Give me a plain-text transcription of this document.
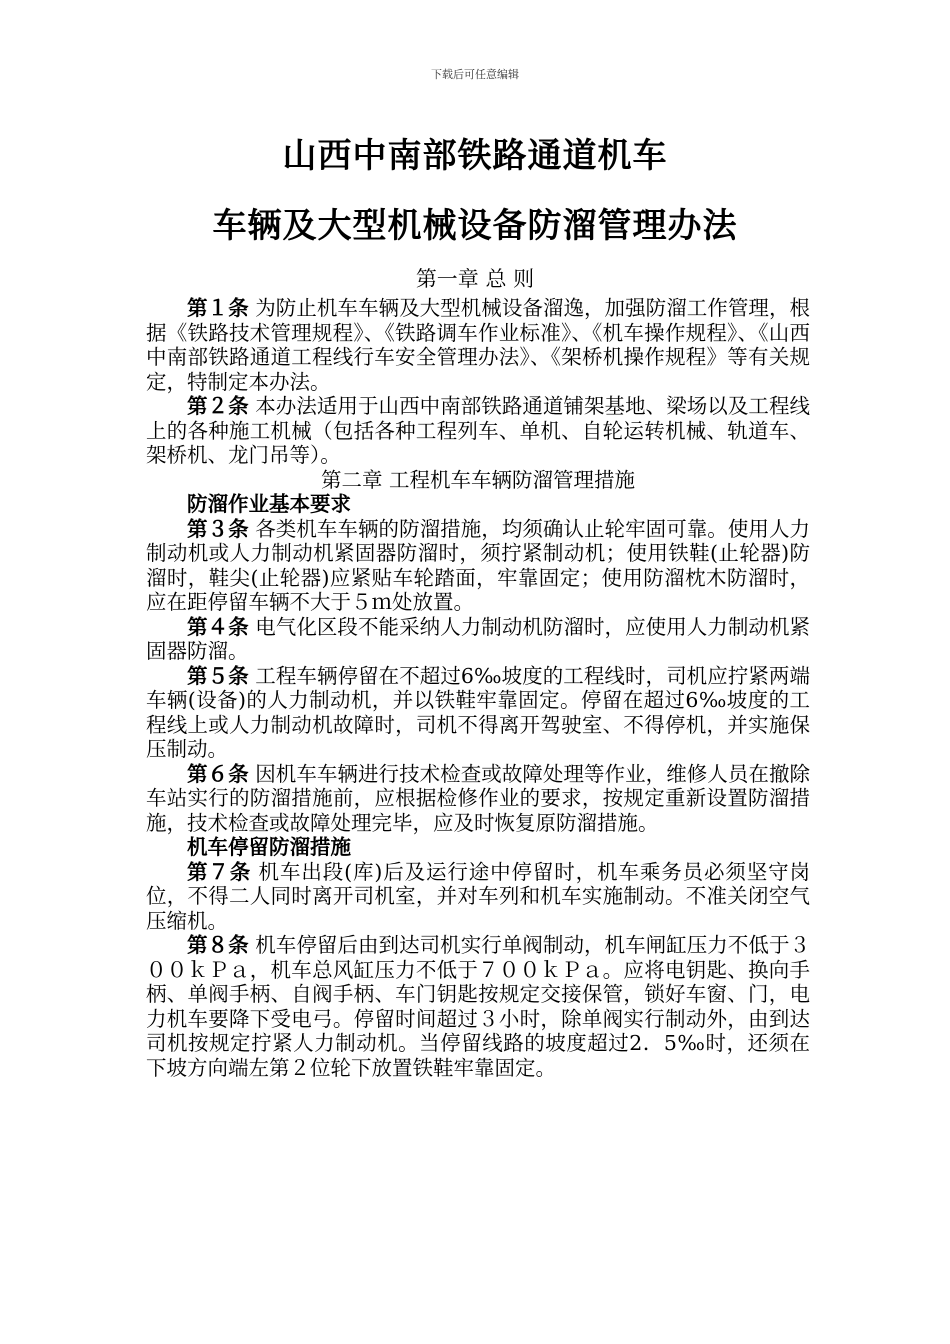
下载后可任意编辑
山西中南部铁路通道机车
车辆及大型机械设备防溜管理办法
第一章 总 则

第１条 为防止机车车辆及大型机械设备溜逸，加强防溜工作管理，根据《铁路技术管理规程》、《铁路调车作业标准》、《机车操作规程》、《山西中南部铁路通道工程线行车安全管理办法》、《架桥机操作规程》等有关规定，特制定本办法。

第２条 本办法适用于山西中南部铁路通道铺架基地、梁场以及工程线上的各种施工机械（包括各种工程列车、单机、自轮运转机械、轨道车、架桥机、龙门吊等）。

第二章 工程机车车辆防溜管理措施

防溜作业基本要求

第３条 各类机车车辆的防溜措施，均须确认止轮牢固可靠。使用人力制动机或人力制动机紧固器防溜时，须拧紧制动机；使用铁鞋(止轮器)防溜时，鞋尖(止轮器)应紧贴车轮踏面，牢靠固定；使用防溜枕木防溜时，应在距停留车辆不大于５ｍ处放置。

第４条 电气化区段不能采纳人力制动机防溜时，应使用人力制动机紧固器防溜。

第５条 工程车辆停留在不超过6‰坡度的工程线时，司机应拧紧两端车辆(设备)的人力制动机，并以铁鞋牢靠固定。停留在超过6‰坡度的工程线上或人力制动机故障时，司机不得离开驾驶室、不得停机，并实施保压制动。

第６条 因机车车辆进行技术检查或故障处理等作业，维修人员在撤除车站实行的防溜措施前，应根据检修作业的要求，按规定重新设置防溜措施，技术检查或故障处理完毕，应及时恢复原防溜措施。

机车停留防溜措施

第７条 机车出段(库)后及运行途中停留时，机车乘务员必须坚守岗位，不得二人同时离开司机室，并对车列和机车实施制动。不准关闭空气压缩机。

第８条 机车停留后由到达司机实行单阀制动，机车闸缸压力不低于３００ｋＰａ，机车总风缸压力不低于７００ｋＰａ。应将电钥匙、换向手柄、单阀手柄、自阀手柄、车门钥匙按规定交接保管，锁好车窗、门，电力机车要降下受电弓。停留时间超过３小时，除单阀实行制动外，由到达司机按规定拧紧人力制动机。当停留线路的坡度超过2．5‰时，还须在下坡方向端左第２位轮下放置铁鞋牢靠固定。
